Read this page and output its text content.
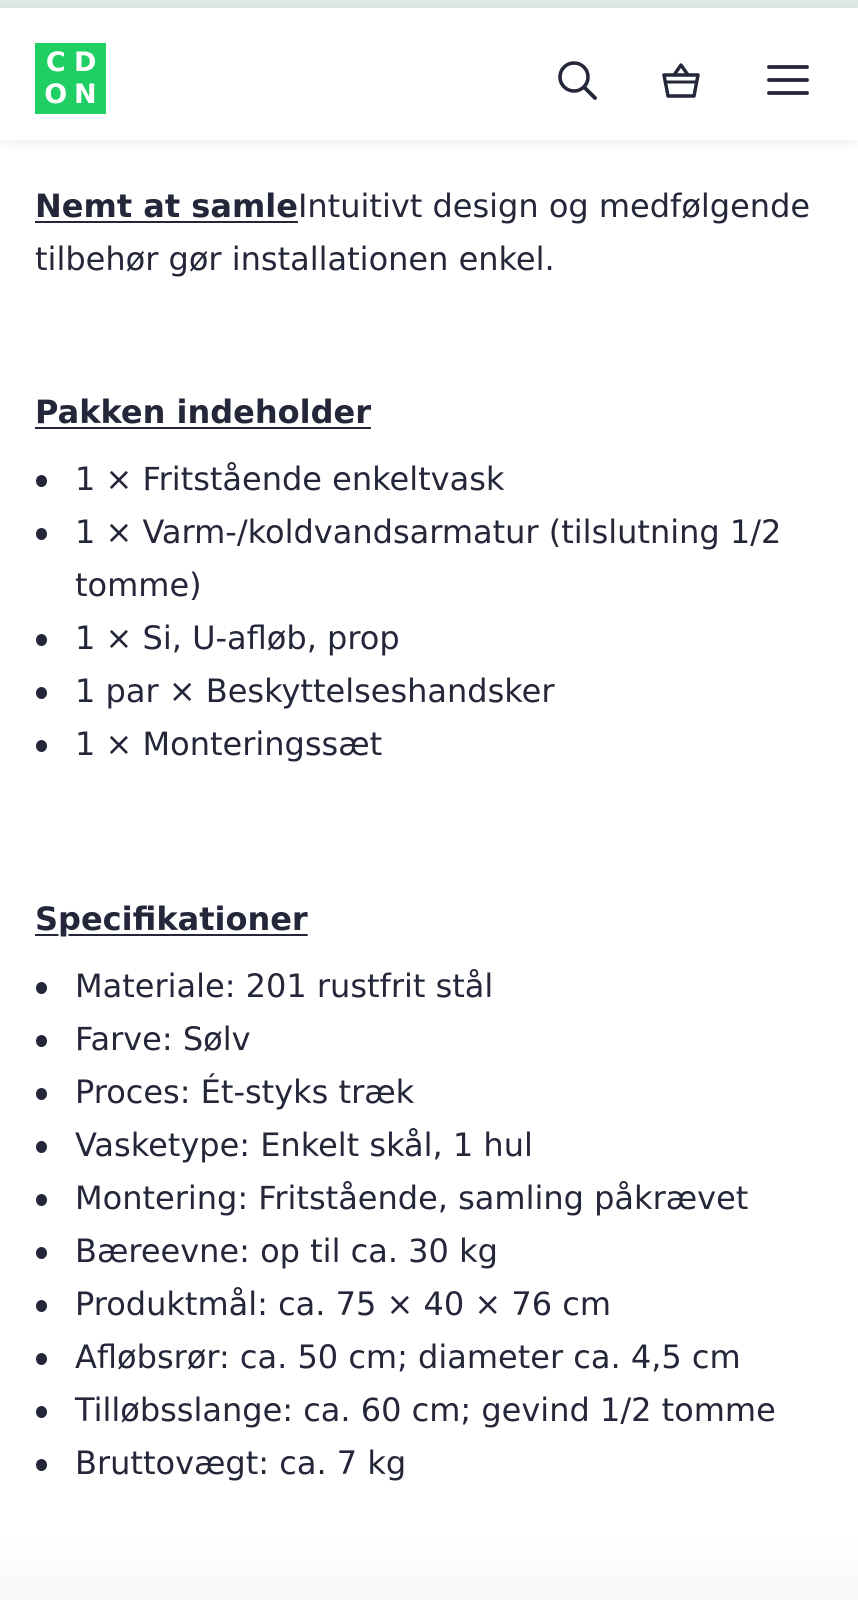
C D
O N

Nemt at samleIntuitivt design og medfølgende tilbehør gør installationen enkel.

Pakken indeholder
1 × Fritstående enkeltvask
1 × Varm-/koldvandsarmatur (tilslutning 1/2 tomme)
1 × Si, U-afløb, prop
1 par × Beskyttelseshandsker
1 × Monteringssæt
Specifikationer
Materiale: 201 rustfrit stål
Farve: Sølv
Proces: Ét-styks træk
Vasketype: Enkelt skål, 1 hul
Montering: Fritstående, samling påkrævet
Bæreevne: op til ca. 30 kg
Produktmål: ca. 75 × 40 × 76 cm
Afløbsrør: ca. 50 cm; diameter ca. 4,5 cm
Tilløbsslange: ca. 60 cm; gevind 1/2 tomme
Bruttovægt: ca. 7 kg
